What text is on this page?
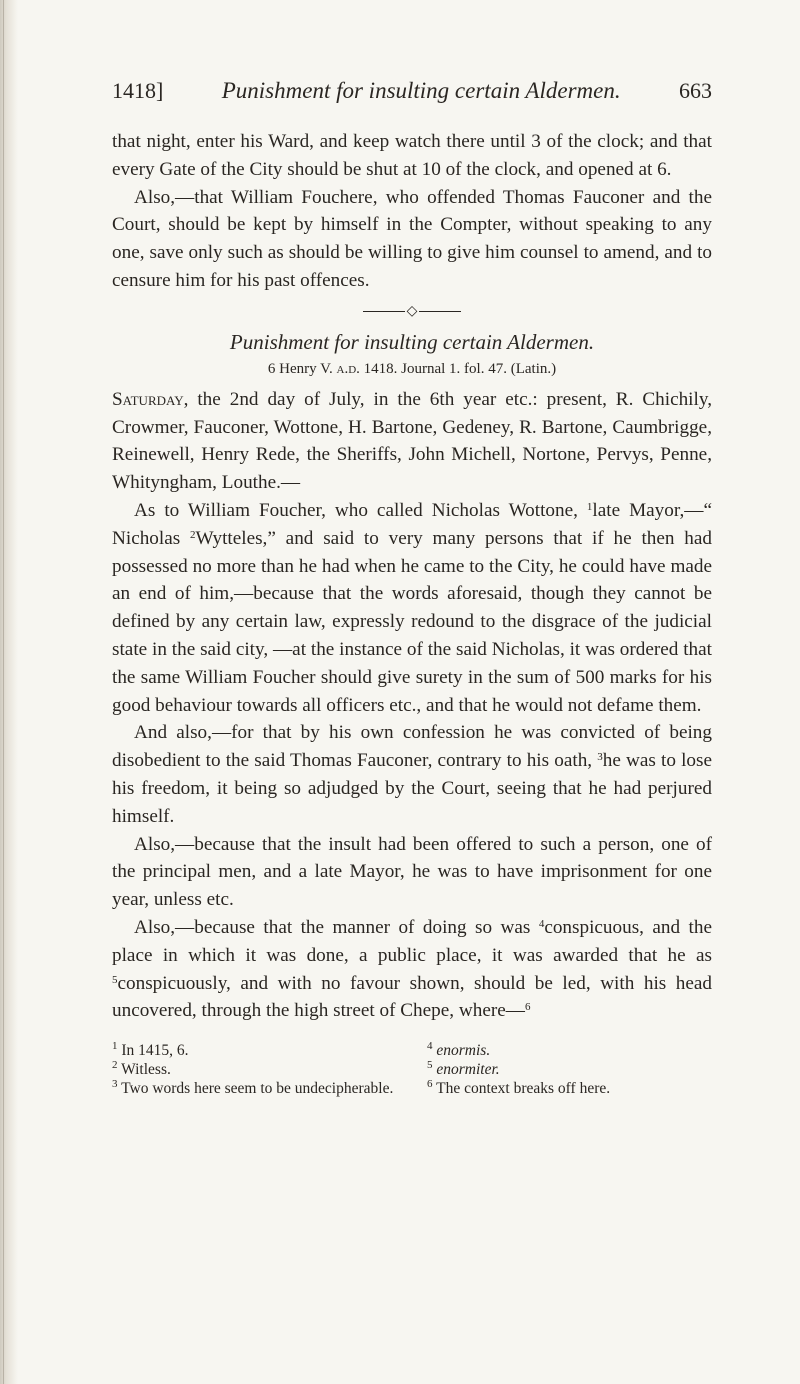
1418]	Punishment for insulting certain Aldermen.	663

that night, enter his Ward, and keep watch there until 3 of the clock; and that every Gate of the City should be shut at 10 of the clock, and opened at 6.

Also,—that William Fouchere, who offended Thomas Fauconer and the Court, should be kept by himself in the Compter, without speaking to any one, save only such as should be willing to give him counsel to amend, and to censure him for his past offences.

◇
Punishment for insulting certain Aldermen.
6 Henry V. a.d. 1418. Journal 1. fol. 47. (Latin.)

Saturday, the 2nd day of July, in the 6th year etc.: present, R. Chichily, Crowmer, Fauconer, Wottone, H. Bartone, Gedeney, R. Bartone, Caumbrigge, Reinewell, Henry Rede, the Sheriffs, John Michell, Nortone, Pervys, Penne, Whityngham, Louthe.—

As to William Foucher, who called Nicholas Wottone, $^1$late Mayor,—“ Nicholas $^2$Wytteles,” and said to very many persons that if he then had possessed no more than he had when he came to the City, he could have made an end of him,—because that the words aforesaid, though they cannot be defined by any certain law, expressly redound to the disgrace of the judicial state in the said city, —at the instance of the said Nicholas, it was ordered that the same William Foucher should give surety in the sum of 500 marks for his good behaviour towards all officers etc., and that he would not defame them.

And also,—for that by his own confession he was convicted of being disobedient to the said Thomas Fauconer, contrary to his oath, $^3$he was to lose his freedom, it being so adjudged by the Court, seeing that he had perjured himself.

Also,—because that the insult had been offered to such a person, one of the principal men, and a late Mayor, he was to have imprisonment for one year, unless etc.

Also,—because that the manner of doing so was $^4$conspicuous, and the place in which it was done, a public place, it was awarded that he as $^5$conspicuously, and with no favour shown, should be led, with his head uncovered, through the high street of Chepe, where—$^6$

$^1$ In 1415, 6.
$^2$ Witless.
$^3$ Two words here seem to be undecipherable.
$^4$ enormis.
$^5$ enormiter.
$^6$ The context breaks off here.
